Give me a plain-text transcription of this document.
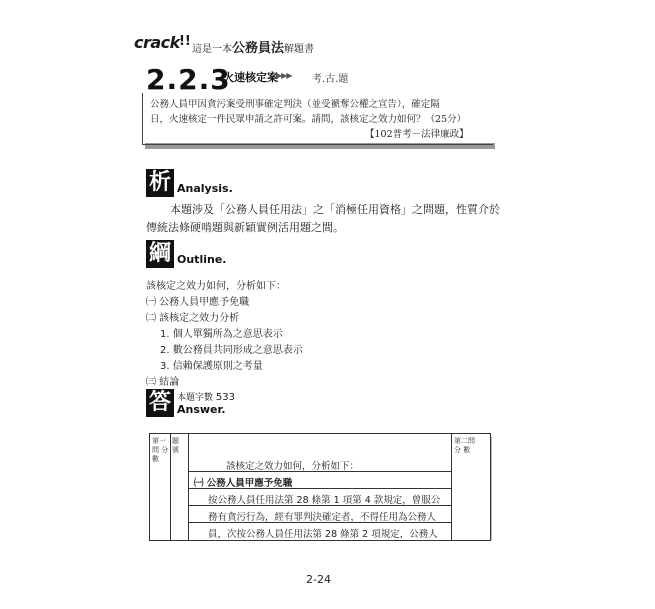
crack !!
這是一本公務員法解題書
2.2.3
火速核定案
▶▶▶ 考.古.題
公務人員甲因貪污案受刑事確定判決（並受褫奪公權之宣告），確定隔
日，火速核定一件民眾申請之許可案。請問，該核定之效力如何？（25分）
【102普考－法律廉政】
析 Analysis.
本題涉及「公務人員任用法」之「消極任用資格」之問題，性質介於傳統法條硬啃題與新穎實例活用題之間。
綱 Outline.
該核定之效力如何，分析如下：
㈠ 公務人員甲應予免職
㈡ 該核定之效力分析
1. 個人單獨所為之意思表示
2. 數公務員共同形成之意思表示
3. 信賴保護原則之考量
㈢ 結論
答 本題字數 533
Answer.
第一問 分 數
題 號
第二問 分 數
該核定之效力如何，分析如下：
㈠ 公務人員甲應予免職
按公務人員任用法第 28 條第 1 項第 4 款規定，曾服公
務有貪污行為，經有罪判決確定者，不得任用為公務人
員，次按公務人員任用法第 28 條第 2 項規定，公務人
2-24
